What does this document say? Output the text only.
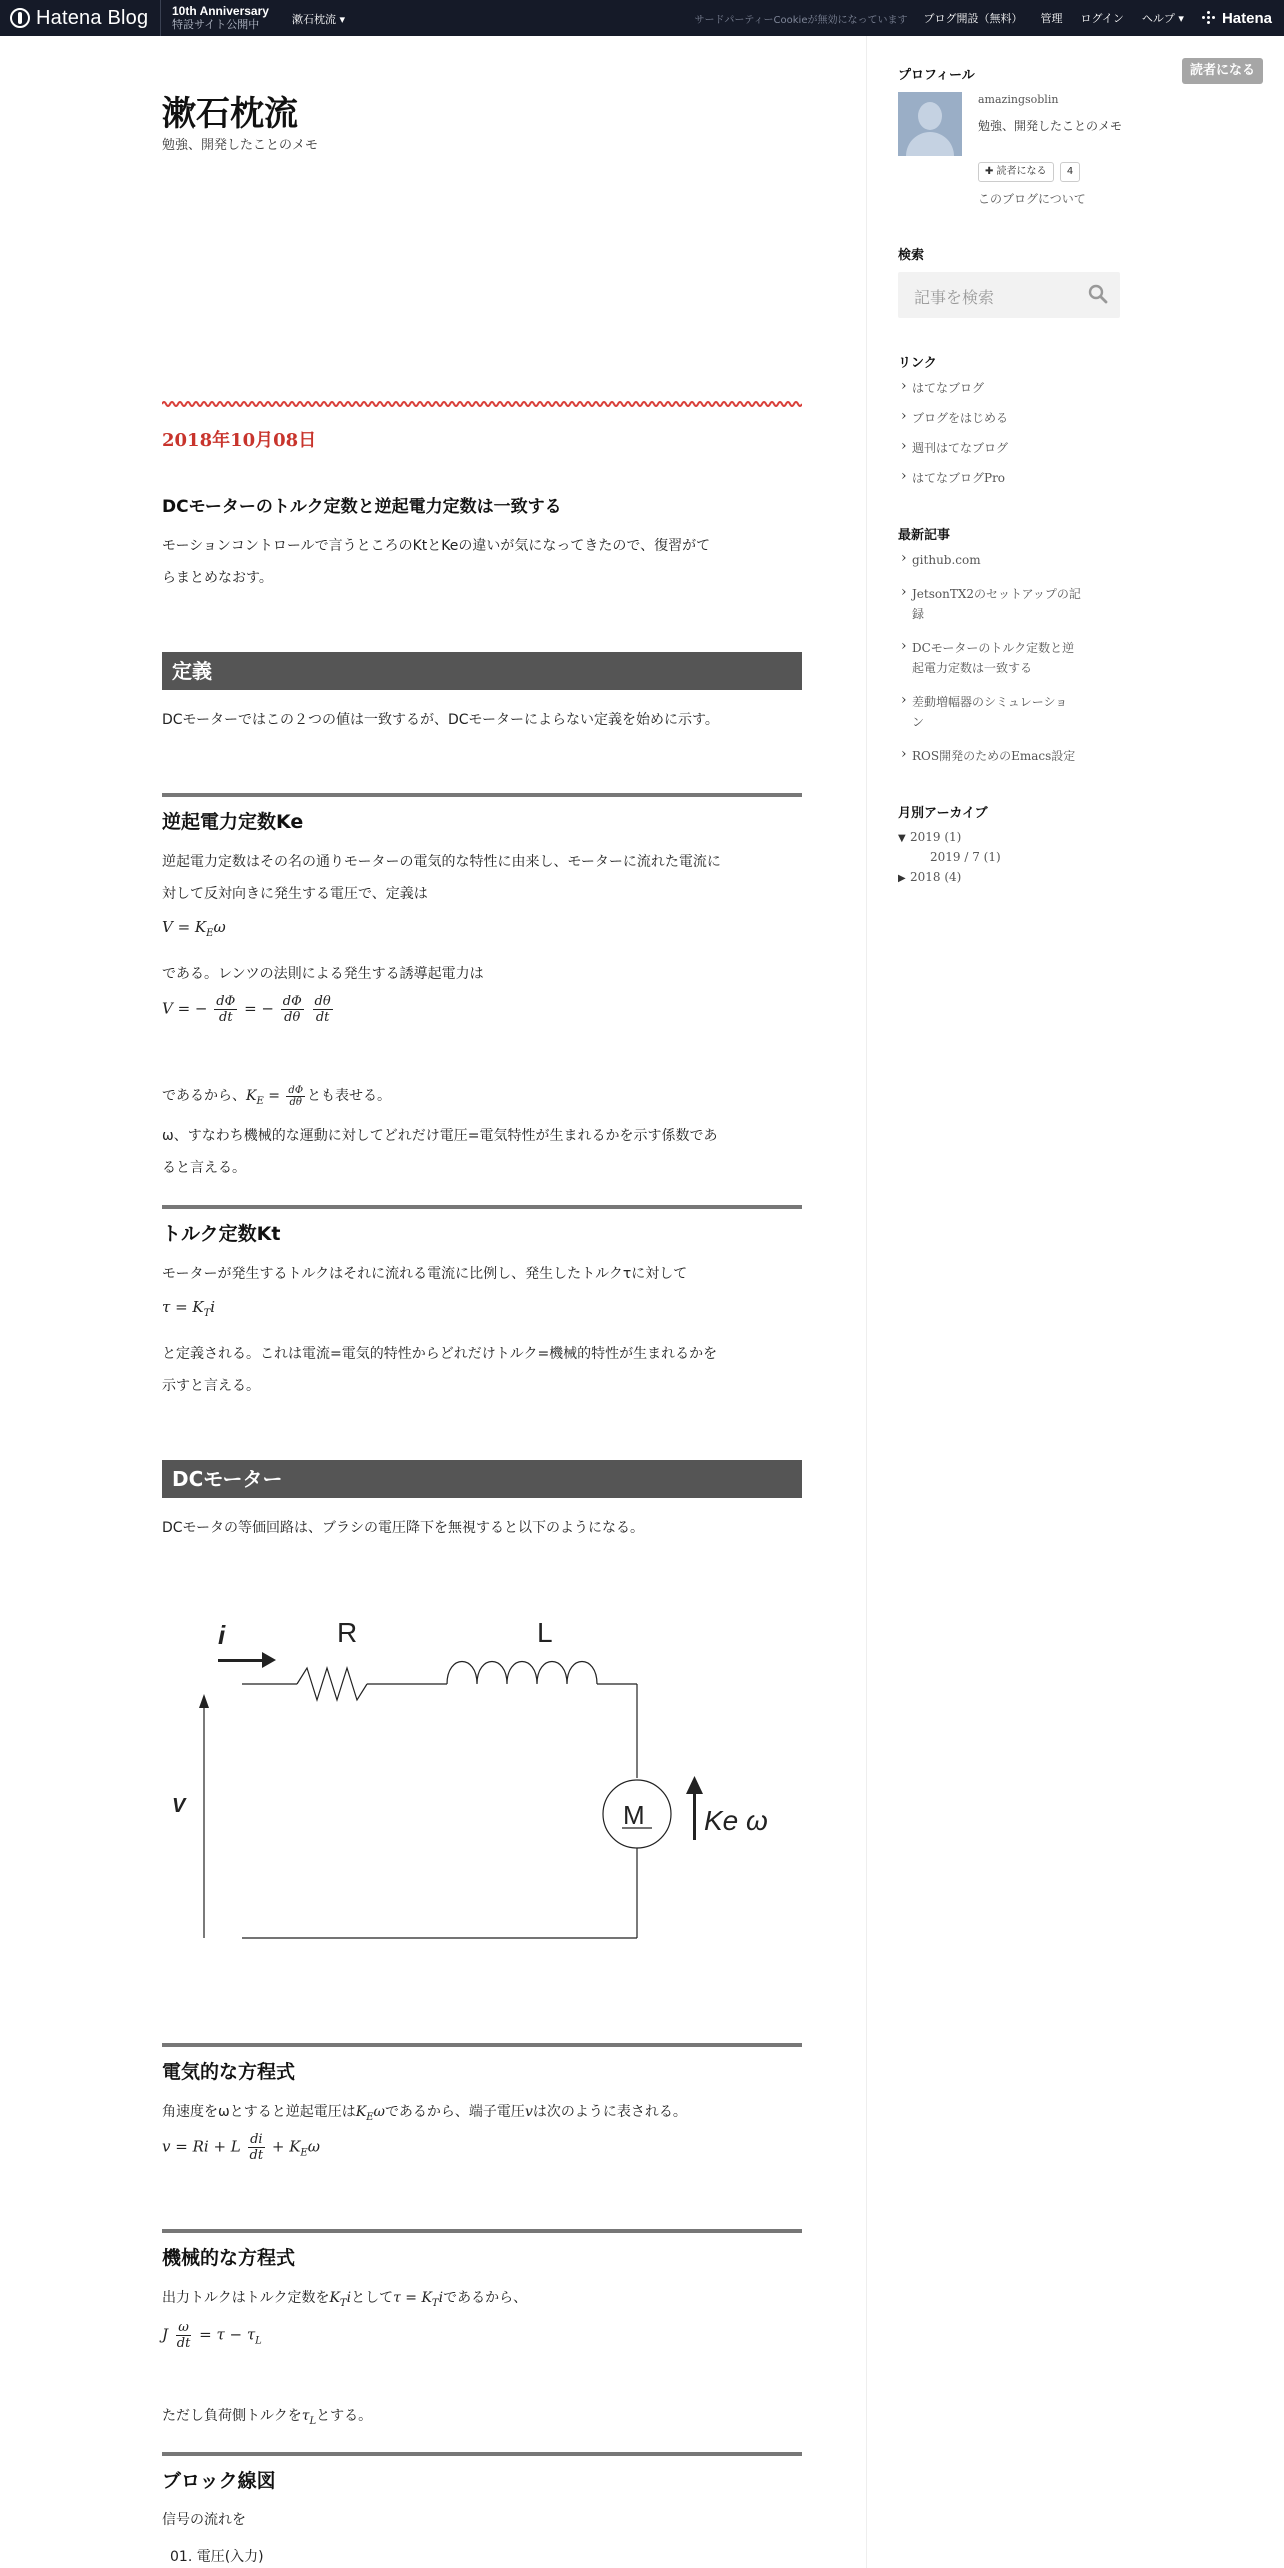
Hatena Blog 10th Anniversary
特設サイト公開中	漱石枕流 ▾	サードパーティーCookieが無効になっています ブログ開設（無料） 管理 ログイン ヘルプ ▾	Hatena
読者になる
漱石枕流
勉強、開発したことのメモ
2018年10月08日
DCモーターのトルク定数と逆起電力定数は一致する
モーションコントロールで言うところのKtとKeの違いが気になってきたので、復習がて
らまとめなおす。
定義
DCモーターではこの２つの値は一致するが、DCモーターによらない定義を始めに示す。
逆起電力定数Ke
逆起電力定数はその名の通りモーターの電気的な特性に由来し、モーターに流れた電流に
対して反対向きに発生する電圧で、定義は
$V = K_E\omega$
である。レンツの法則による発生する誘導起電力は
V = − $\frac{d\Phi}{dt}$ = − $\frac{d\Phi}{d\theta}$
$\frac{d\theta}{dt}$
であるから、$K_E = \frac{d\Phi}{d\theta}$ とも表せる。
ω、すなわち機械的な運動に対してどれだけ電圧=電気特性が生まれるかを示す係数であ
ると言える。
トルク定数Kt
モーターが発生するトルクはそれに流れる電流に比例し、発生したトルクτに対して
$\tau = K_Ti$
と定義される。これは電流=電気的特性からどれだけトルク=機械的特性が生まれるかを
示すと言える。
DCモーター
DCモータの等価回路は、ブラシの電圧降下を無視すると以下のようになる。
i	R	L
V	M Ke ω
電気的な方程式
角速度をωとすると逆起電圧は$K_E\omega$であるから、端子電圧vは次のように表される。
v = Ri + L $\frac{di}{dt} + K_E\omega$
機械的な方程式
出力トルクはトルク定数を$K_Ti$として$\tau = K_Ti$であるから、
J $\frac{\omega}{dt} = \tau - \tau_L$
ただし負荷側トルクを$\tau_L$とする。
ブロック線図
信号の流れを
01. 電圧(入力)
プロフィール
amazingsoblin
勉強、開発したことのメモ
✚ 読者になる	4
このブログについて
検索
記事を検索
リンク
› はてなブログ
› ブログをはじめる
› 週刊はてなブログ
› はてなブログPro
最新記事
› github.com
› JetsonTX2のセットアップの記
録
› DCモーターのトルク定数と逆
起電力定数は一致する
› 差動増幅器のシミュレーショ
ン
› ROS開発のためのEmacs設定
月別アーカイブ
▼ 2019 (1)
2019 / 7 (1)
▶ 2018 (4)
